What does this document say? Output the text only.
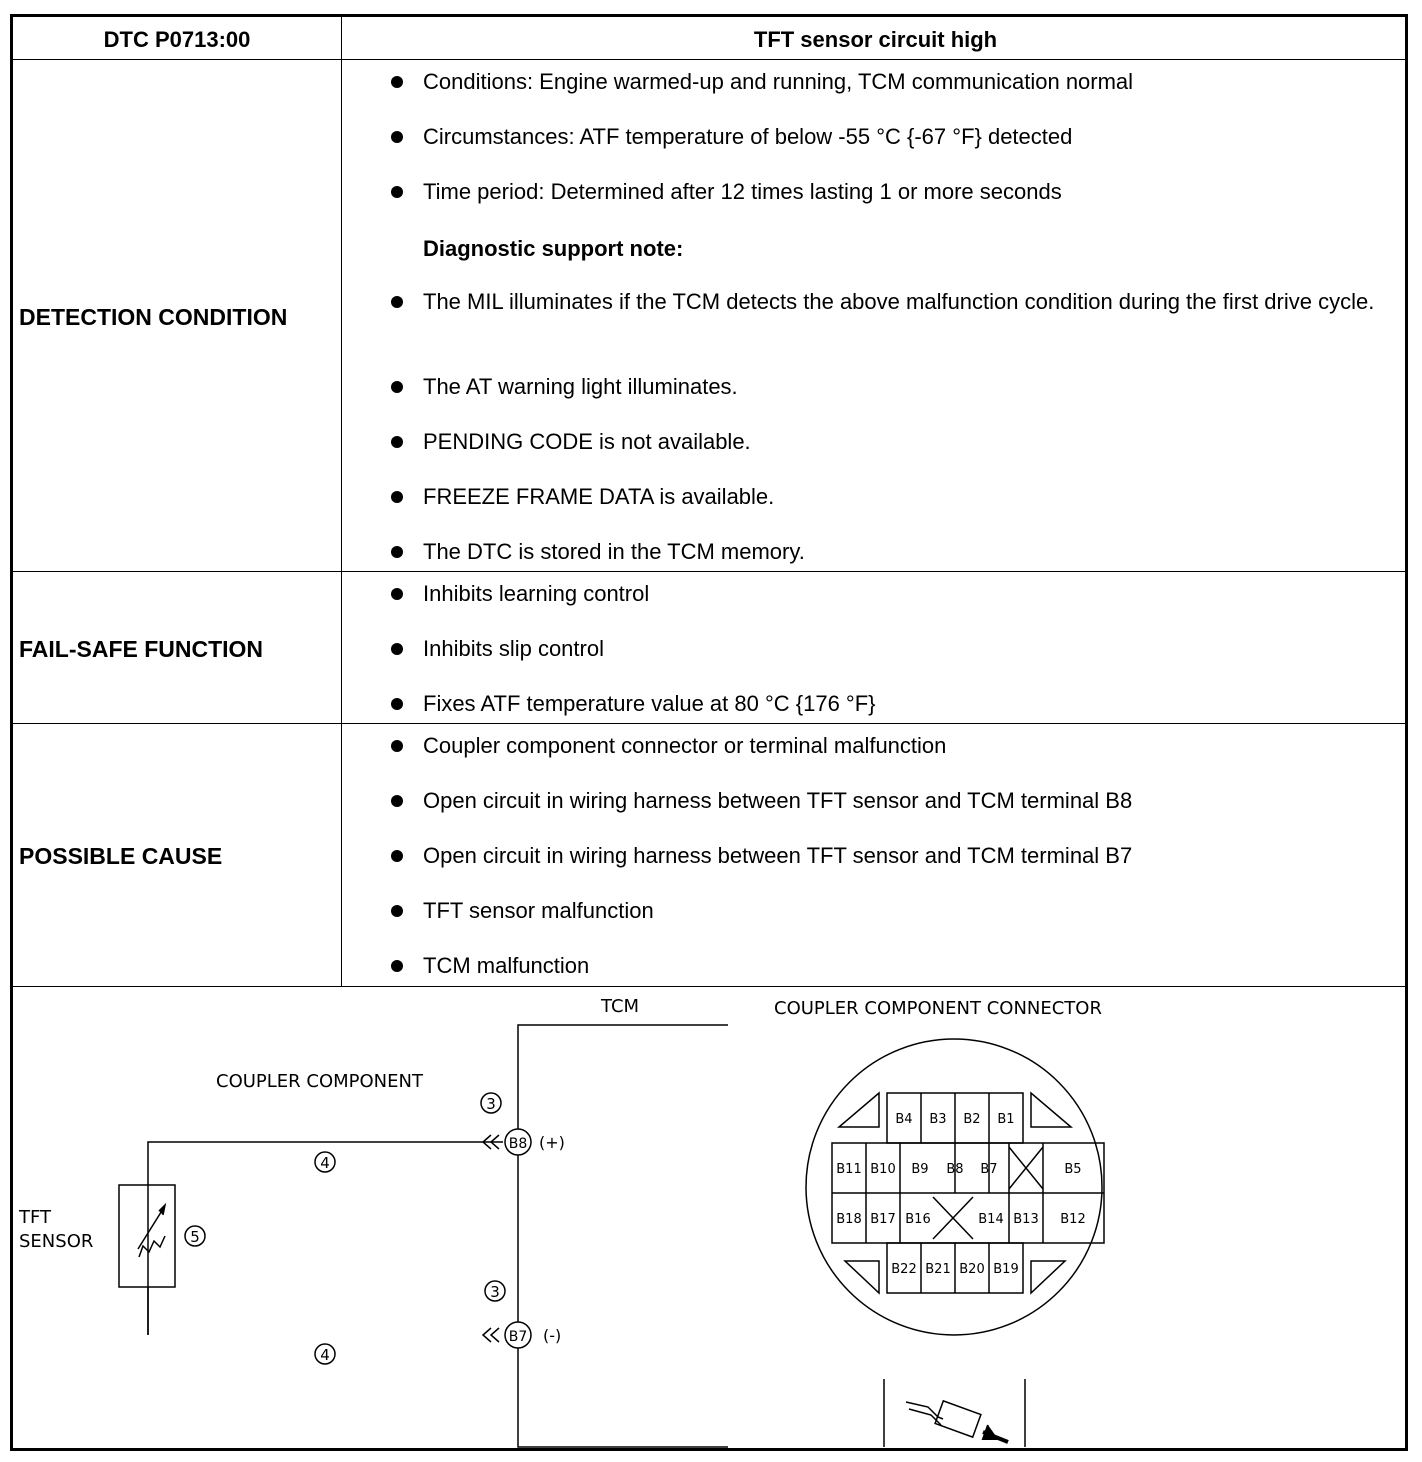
DTC P0713:00	TFT sensor circuit high
DETECTION CONDITION
Conditions: Engine warmed-up and running, TCM communication normal
Circumstances: ATF temperature of below -55 °C {-67 °F} detected
Time period: Determined after 12 times lasting 1 or more seconds
Diagnostic support note:
The MIL illuminates if the TCM detects the above malfunction condition during the first drive cycle.
The AT warning light illuminates.
PENDING CODE is not available.
FREEZE FRAME DATA is available.
The DTC is stored in the TCM memory.
FAIL-SAFE FUNCTION
Inhibits learning control
Inhibits slip control
Fixes ATF temperature value at 80 °C {176 °F}
POSSIBLE CAUSE
Coupler component connector or terminal malfunction
Open circuit in wiring harness between TFT sensor and TCM terminal B8
Open circuit in wiring harness between TFT sensor and TCM terminal B7
TFT sensor malfunction
TCM malfunction
TCM	COUPLER COMPONENT CONNECTOR
COUPLER COMPONENT
TFT
SENSOR
3
3
4
4
5
B8
B7
(+)
(-)
B4 B3 B2 B1
B11 B10 B9 B8 B7	B5
B18 B17 B16	B14 B13 B12
B22 B21 B20 B19
